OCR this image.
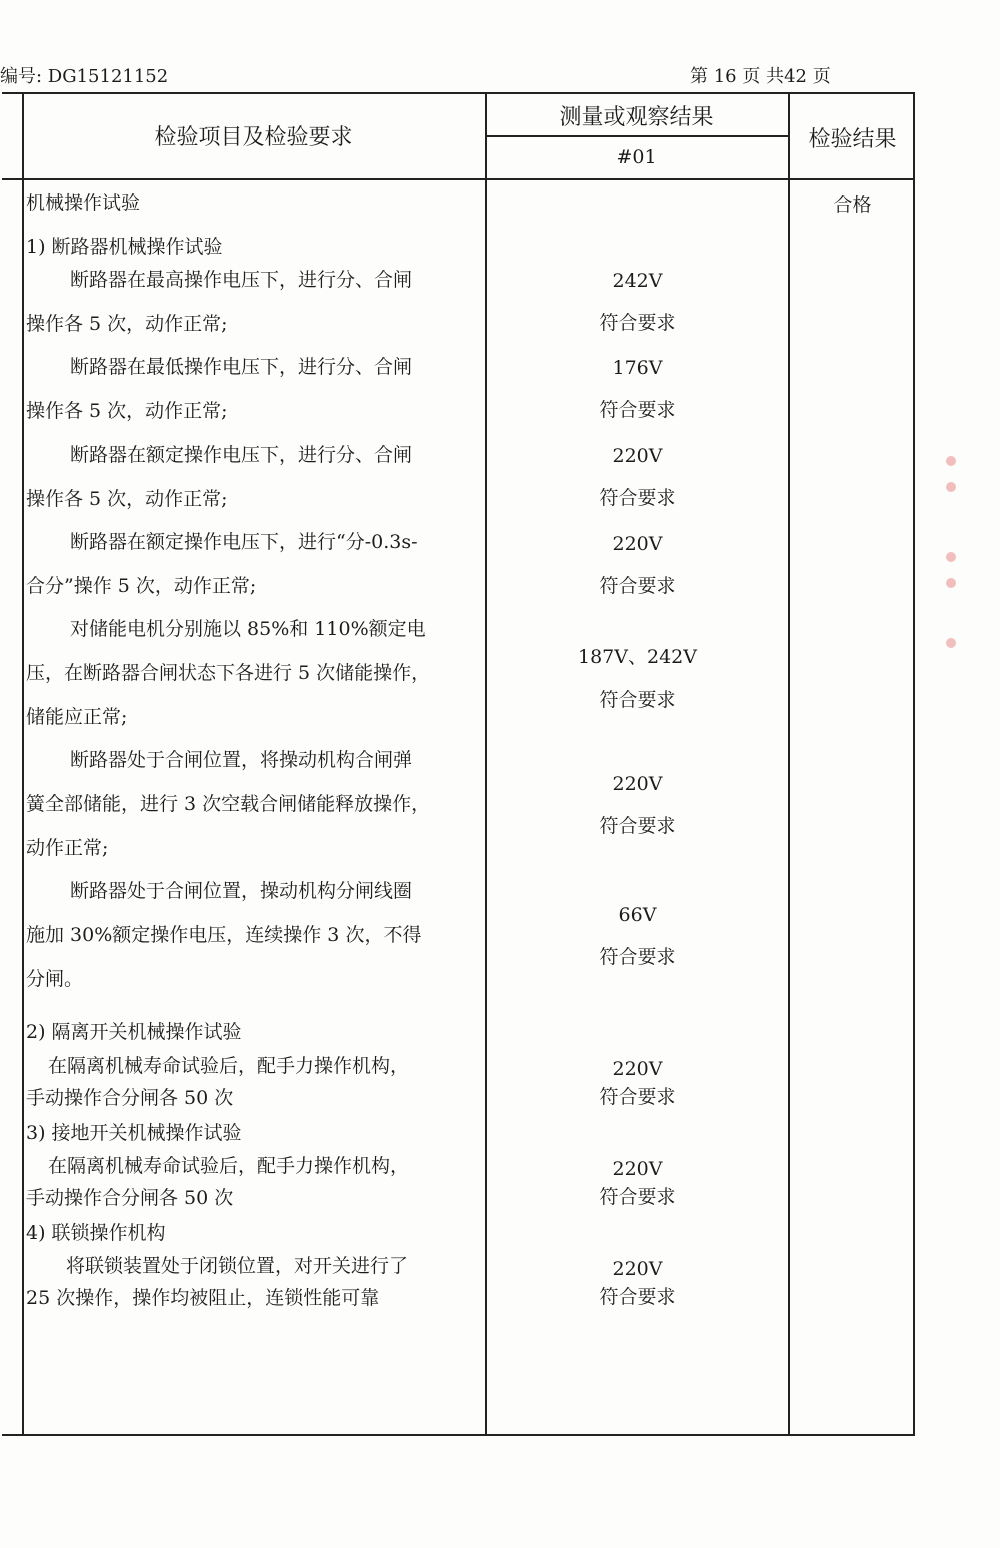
编号: DG15121152	第 16 页 共42 页
检验项目及检验要求
测量或观察结果
#01
检验结果
合格
机械操作试验
1) 断路器机械操作试验
断路器在最高操作电压下，进行分、合闸
操作各 5 次，动作正常;
242V
符合要求
断路器在最低操作电压下，进行分、合闸
操作各 5 次，动作正常;
176V
符合要求
断路器在额定操作电压下，进行分、合闸
操作各 5 次，动作正常;
220V
符合要求
断路器在额定操作电压下，进行“分-0.3s-
合分”操作 5 次，动作正常;
220V
符合要求
对储能电机分别施以 85%和 110%额定电
压，在断路器合闸状态下各进行 5 次储能操作，
储能应正常;
187V、242V
符合要求
断路器处于合闸位置，将操动机构合闸弹
簧全部储能，进行 3 次空载合闸储能释放操作，
动作正常;
220V
符合要求
断路器处于合闸位置，操动机构分闸线圈
施加 30%额定操作电压，连续操作 3 次，不得
分闸。
66V
符合要求
2) 隔离开关机械操作试验
在隔离机械寿命试验后，配手力操作机构，
手动操作合分闸各 50 次
220V
符合要求
3) 接地开关机械操作试验
在隔离机械寿命试验后，配手力操作机构，
手动操作合分闸各 50 次
220V
符合要求
4) 联锁操作机构
将联锁装置处于闭锁位置，对开关进行了
25 次操作，操作均被阻止，连锁性能可靠
220V
符合要求
